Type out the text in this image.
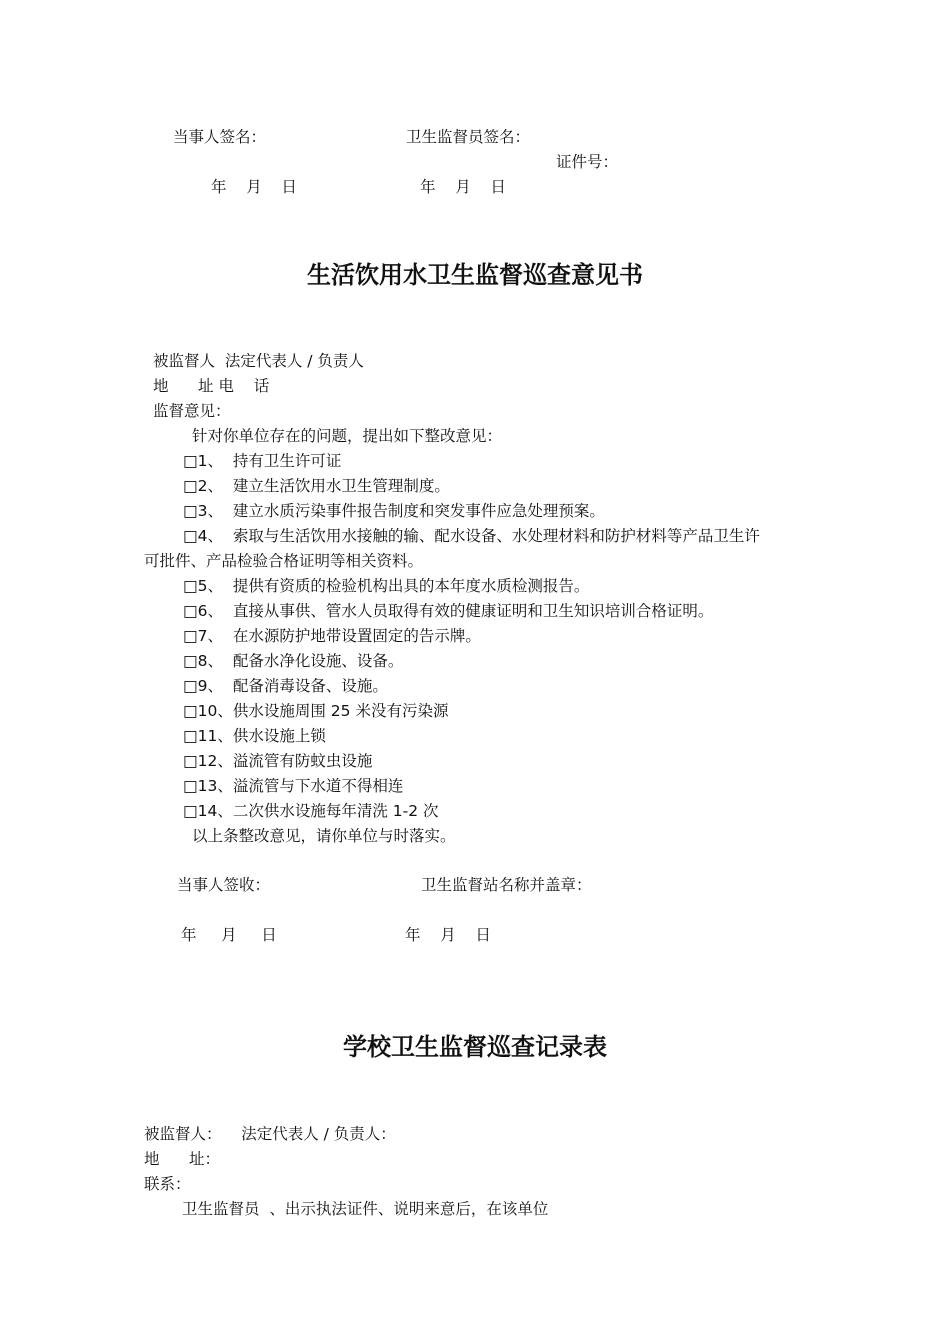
当事人签名：	卫生监督员签名：
证件号：
年    月    日	年    月    日
生活饮用水卫生监督巡查意见书
被监督人  法定代表人 / 负责人
地      址 电    话
监督意见：
针对你单位存在的问题，提出如下整改意见：
□1、  持有卫生许可证
□2、  建立生活饮用水卫生管理制度。
□3、  建立水质污染事件报告制度和突发事件应急处理预案。
□4、  索取与生活饮用水接触的输、配水设备、水处理材料和防护材料等产品卫生许
可批件、产品检验合格证明等相关资料。
□5、  提供有资质的检验机构出具的本年度水质检测报告。
□6、  直接从事供、管水人员取得有效的健康证明和卫生知识培训合格证明。
□7、  在水源防护地带设置固定的告示牌。
□8、  配备水净化设施、设备。
□9、  配备消毒设备、设施。
□10、供水设施周围 25 米没有污染源
□11、供水设施上锁
□12、溢流管有防蚊虫设施
□13、溢流管与下水道不得相连
□14、二次供水设施每年清洗 1-2 次
以上条整改意见，请你单位与时落实。
当事人签收：	卫生监督站名称并盖章：
年     月     日	年    月    日
学校卫生监督巡查记录表
被监督人：    法定代表人 / 负责人：
地      址：
联系：
卫生监督员  、出示执法证件、说明来意后，在该单位
